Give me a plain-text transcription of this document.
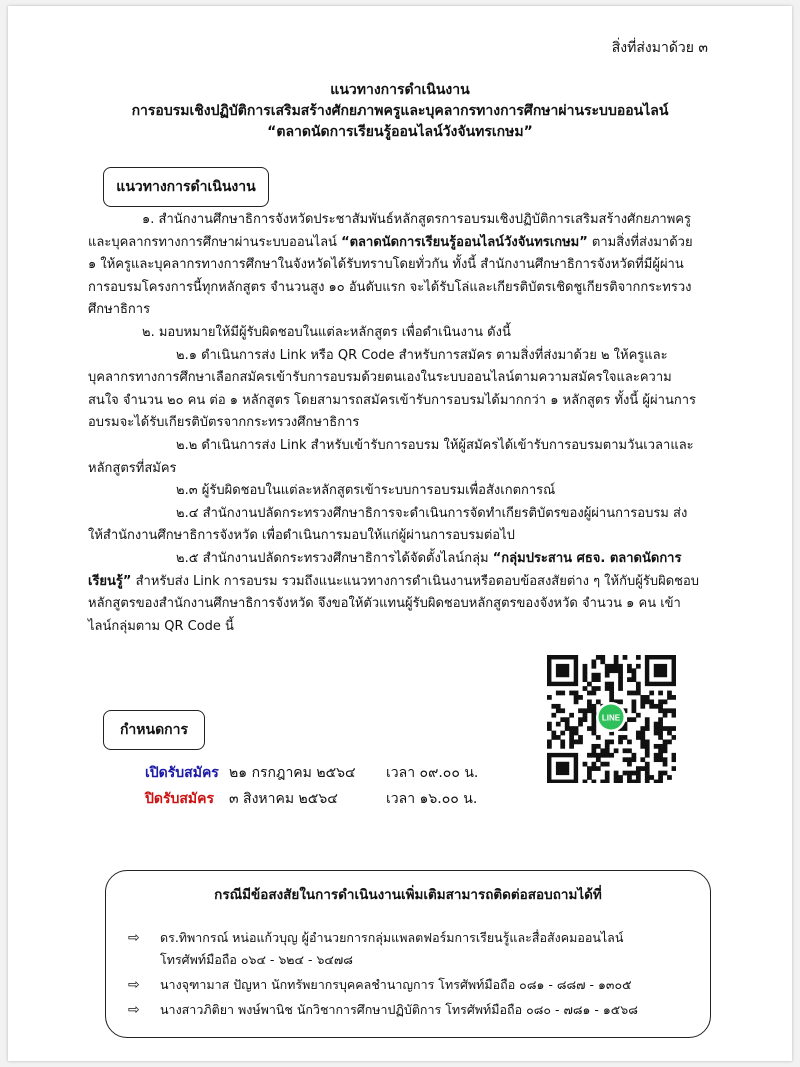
สิ่งที่ส่งมาด้วย ๓
แนวทางการดำเนินงาน
การอบรมเชิงปฏิบัติการเสริมสร้างศักยภาพครูและบุคลากรทางการศึกษาผ่านระบบออนไลน์
“ตลาดนัดการเรียนรู้ออนไลน์วังจันทรเกษม”
แนวทางการดำเนินงาน

๑. สำนักงานศึกษาธิการจังหวัดประชาสัมพันธ์หลักสูตรการอบรมเชิงปฏิบัติการเสริมสร้างศักยภาพครูและบุคลากรทางการศึกษาผ่านระบบออนไลน์ “ตลาดนัดการเรียนรู้ออนไลน์วังจันทรเกษม” ตามสิ่งที่ส่งมาด้วย ๑ ให้ครูและบุคลากรทางการศึกษาในจังหวัดได้รับทราบโดยทั่วกัน ทั้งนี้ สำนักงานศึกษาธิการจังหวัดที่มีผู้ผ่านการอบรมโครงการนี้ทุกหลักสูตร จำนวนสูง ๑๐ อันดับแรก จะได้รับโล่และเกียรติบัตรเชิดชูเกียรติจากกระทรวงศึกษาธิการ

๒. มอบหมายให้มีผู้รับผิดชอบในแต่ละหลักสูตร เพื่อดำเนินงาน ดังนี้

๒.๑ ดำเนินการส่ง Link หรือ QR Code สำหรับการสมัคร ตามสิ่งที่ส่งมาด้วย ๒ ให้ครูและบุคลากรทางการศึกษาเลือกสมัครเข้ารับการอบรมด้วยตนเองในระบบออนไลน์ตามความสมัครใจและความสนใจ จำนวน ๒๐ คน ต่อ ๑ หลักสูตร โดยสามารถสมัครเข้ารับการอบรมได้มากกว่า ๑ หลักสูตร ทั้งนี้ ผู้ผ่านการอบรมจะได้รับเกียรติบัตรจากกระทรวงศึกษาธิการ

๒.๒ ดำเนินการส่ง Link สำหรับเข้ารับการอบรม ให้ผู้สมัครได้เข้ารับการอบรมตามวันเวลาและหลักสูตรที่สมัคร

๒.๓ ผู้รับผิดชอบในแต่ละหลักสูตรเข้าระบบการอบรมเพื่อสังเกตการณ์

๒.๔ สำนักงานปลัดกระทรวงศึกษาธิการจะดำเนินการจัดทำเกียรติบัตรของผู้ผ่านการอบรม ส่งให้สำนักงานศึกษาธิการจังหวัด เพื่อดำเนินการมอบให้แก่ผู้ผ่านการอบรมต่อไป

๒.๕ สำนักงานปลัดกระทรวงศึกษาธิการได้จัดตั้งไลน์กลุ่ม “กลุ่มประสาน ศธจ. ตลาดนัดการเรียนรู้” สำหรับส่ง Link การอบรม รวมถึงแนะแนวทางการดำเนินงานหรือตอบข้อสงสัยต่าง ๆ ให้กับผู้รับผิดชอบหลักสูตรของสำนักงานศึกษาธิการจังหวัด จึงขอให้ตัวแทนผู้รับผิดชอบหลักสูตรของจังหวัด จำนวน ๑ คน เข้าไลน์กลุ่มตาม QR Code นี้

LINE
กำหนดการ
เปิดรับสมัคร ๒๑ กรกฎาคม ๒๕๖๔	เวลา ๐๙.๐๐ น.
ปิดรับสมัคร	๓ สิงหาคม ๒๕๖๔	เวลา ๑๖.๐๐ น.
กรณีมีข้อสงสัยในการดำเนินงานเพิ่มเติมสามารถติดต่อสอบถามได้ที่
⇨ ดร.ทิพากรณ์ หน่อแก้วบุญ ผู้อำนวยการกลุ่มแพลตฟอร์มการเรียนรู้และสื่อสังคมออนไลน์
โทรศัพท์มือถือ ๐๖๔ - ๖๒๔ - ๖๔๗๘
⇨ นางจุฑามาส ปัญหา นักทรัพยากรบุคคลชำนาญการ โทรศัพท์มือถือ ๐๘๑ - ๘๘๗ - ๑๓๐๕
⇨ นางสาวภิติยา พงษ์พานิช นักวิชาการศึกษาปฏิบัติการ โทรศัพท์มือถือ ๐๘๐ - ๗๘๑ - ๑๕๖๘
